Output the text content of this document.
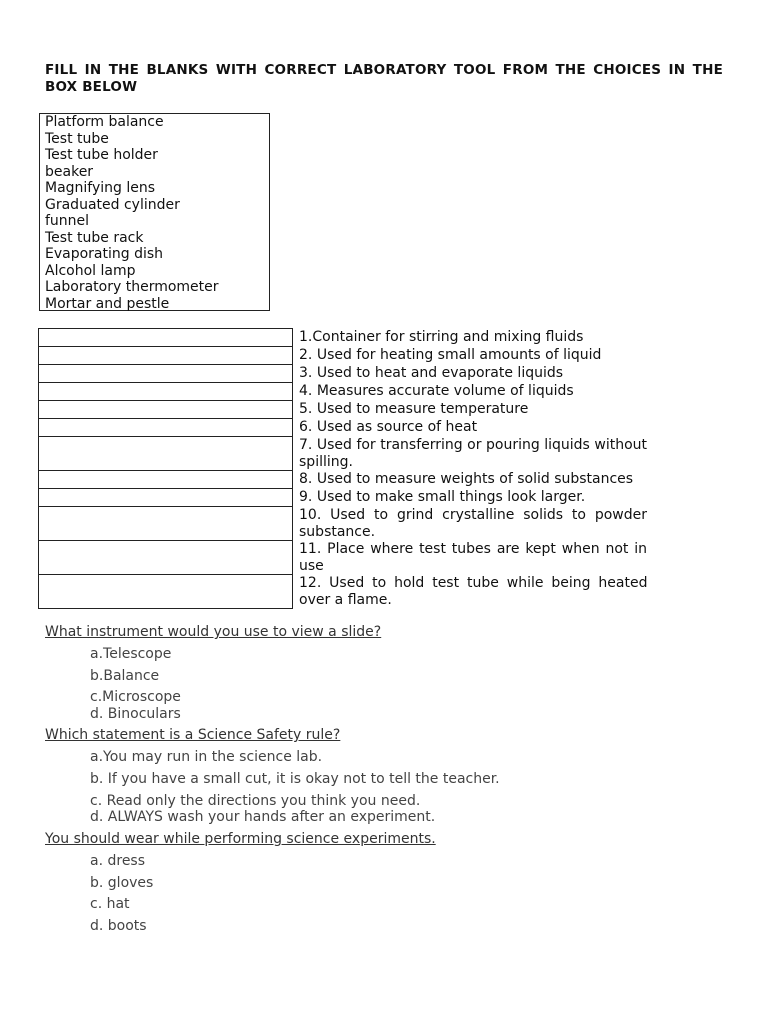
FILL IN THE BLANKS WITH CORRECT LABORATORY TOOL FROM THE CHOICES IN THE BOX BELOW
Platform balance
Test tube
Test tube holder
beaker
Magnifying lens
Graduated cylinder
funnel
Test tube rack
Evaporating dish
Alcohol lamp
Laboratory thermometer
Mortar and pestle
	1.Container for stirring and mixing fluids
	2. Used for heating small amounts of liquid
	3. Used to heat and evaporate liquids
	4. Measures accurate volume of liquids
	5. Used to measure temperature
	6. Used as source of heat
	7. Used for transferring or pouring liquids without spilling.
	8. Used to measure weights of solid substances
	9. Used to make small things look larger.
	10. Used to grind crystalline solids to powder substance.
	11. Place where test tubes are kept when not in use
	12. Used to hold test tube while being heated over a flame.
What instrument would you use to view a slide?
a.Telescope
b.Balance
c.Microscope
d. Binoculars
Which statement is a Science Safety rule?
a.You may run in the science lab.
b. If you have a small cut, it is okay not to tell the teacher.
c. Read only the directions you think you need.
d. ALWAYS wash your hands after an experiment.
You should wear while performing science experiments.
a. dress
b. gloves
c. hat
d. boots
